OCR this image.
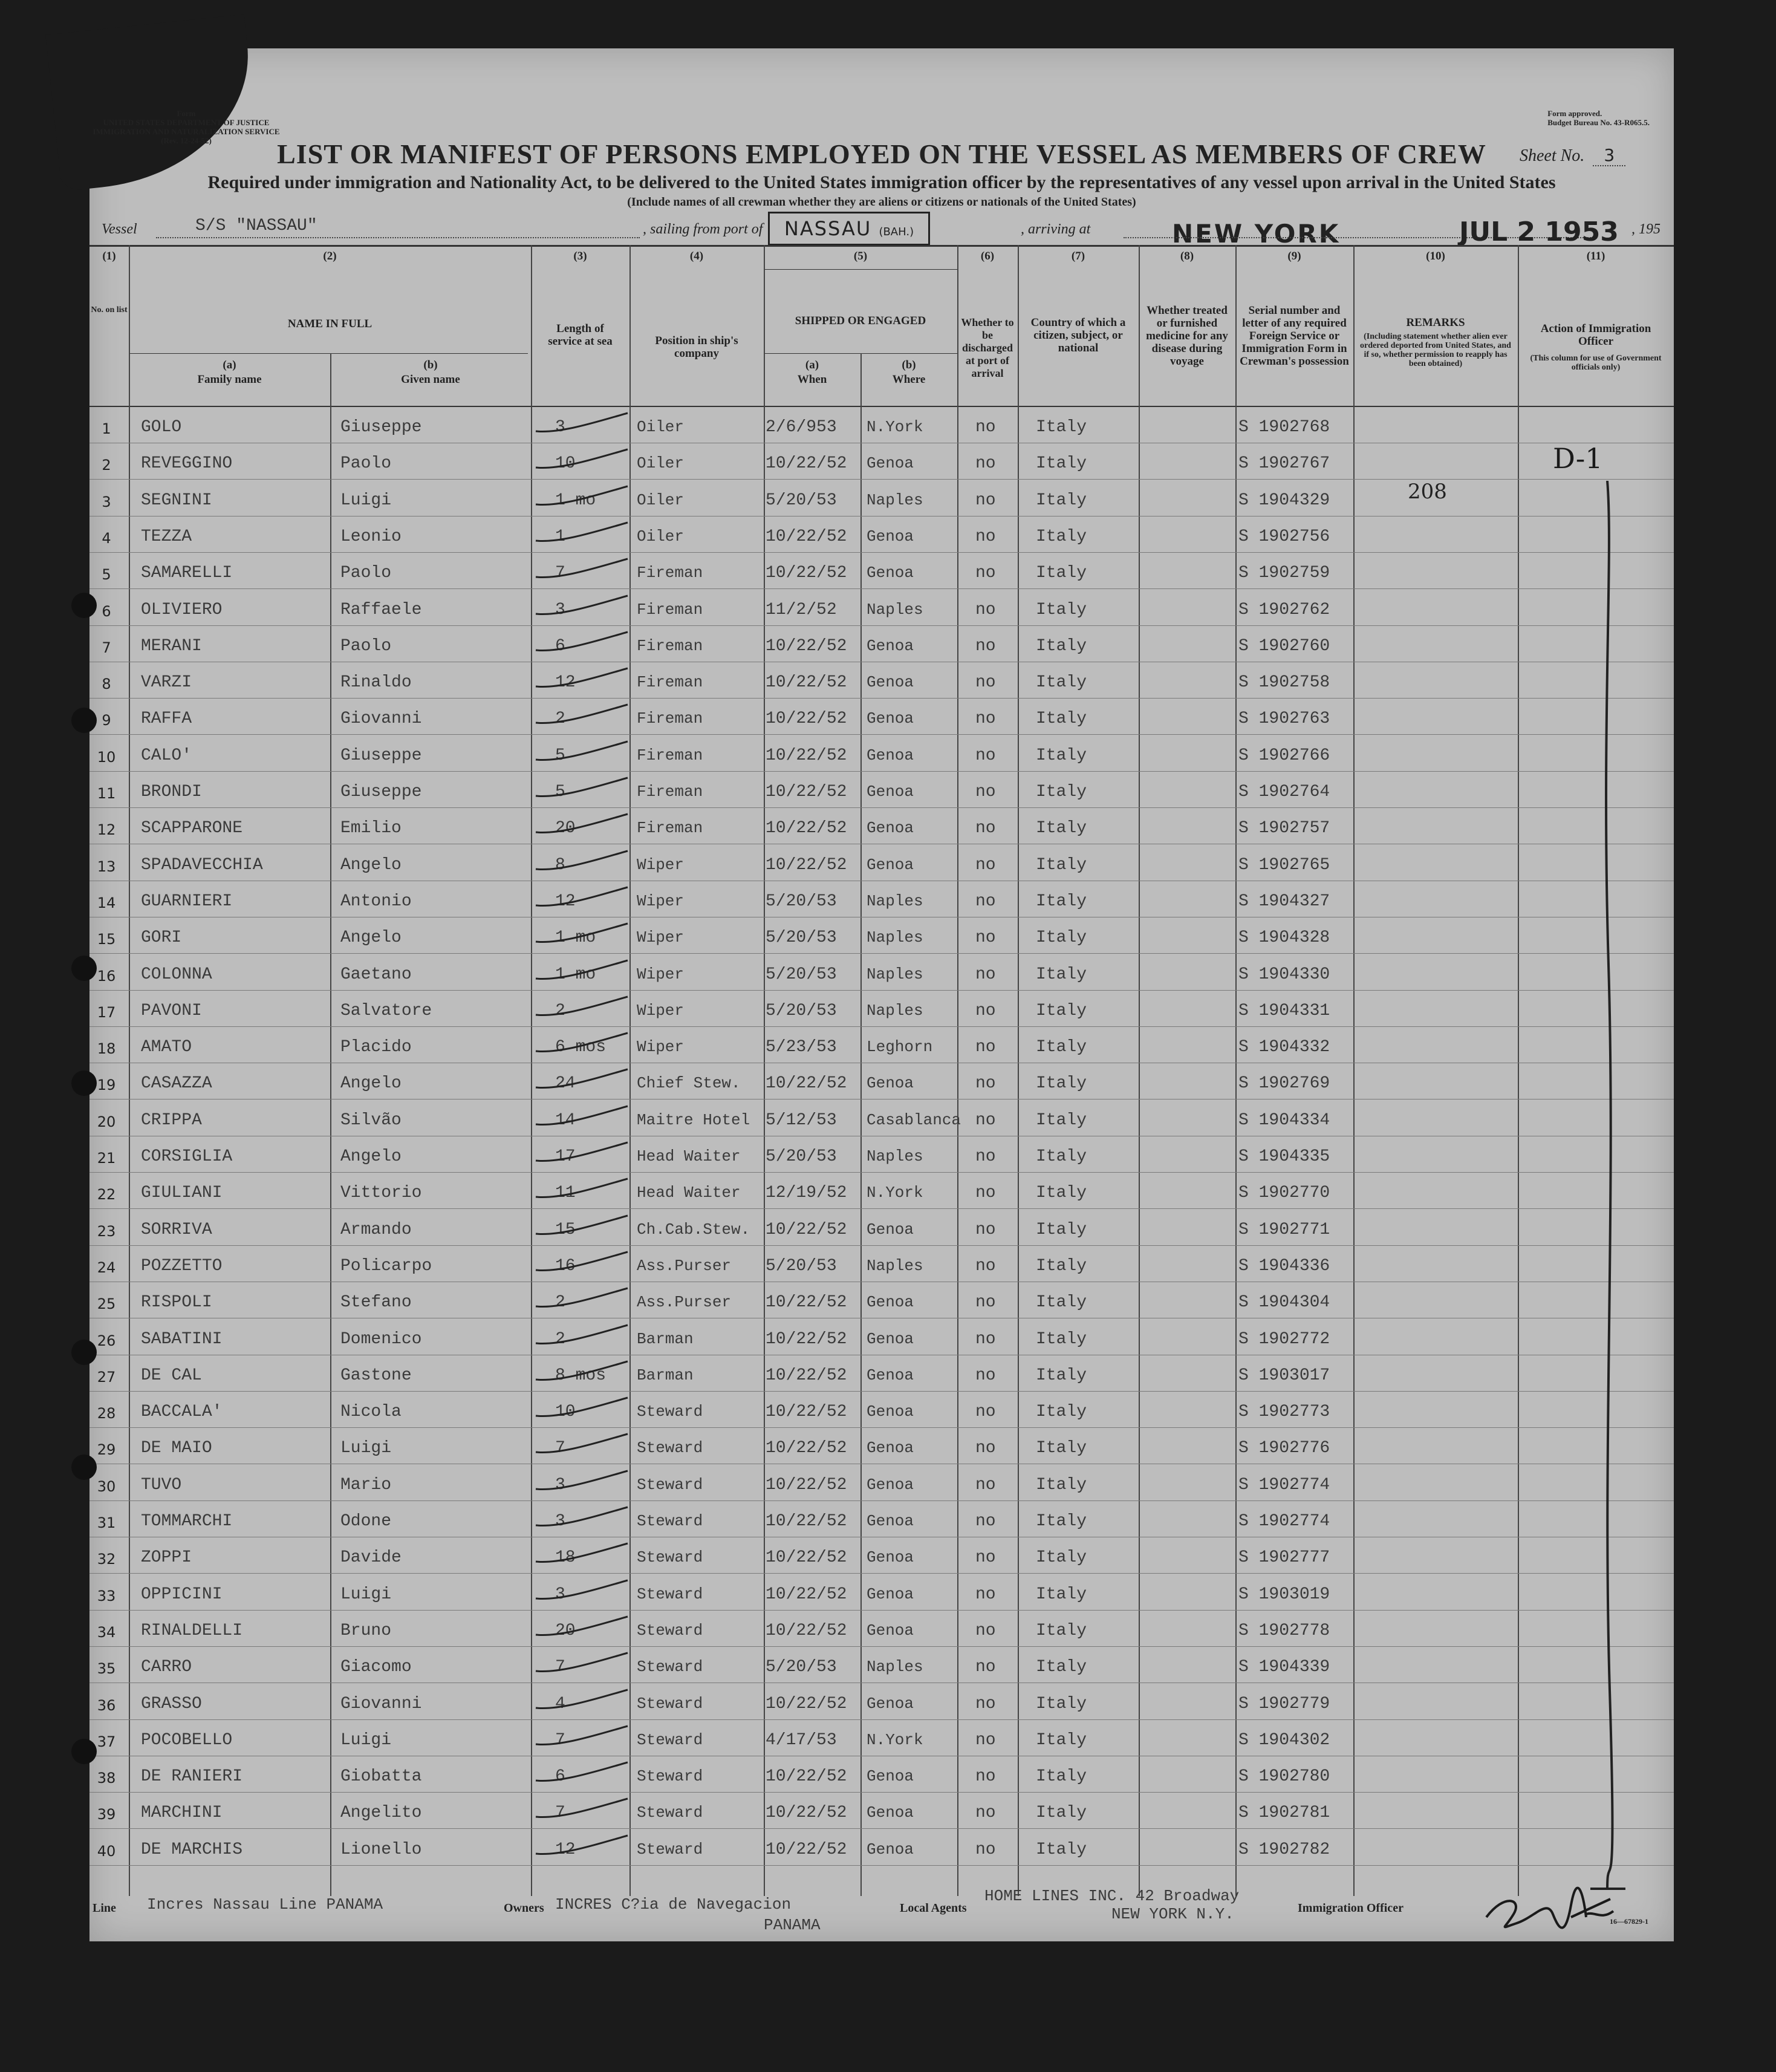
Form
UNITED STATES DEPARTMENT OF JUSTICE
IMMIGRATION AND NATURALIZATION SERVICE
(Rev. 12-24-52)
Form approved.
Budget Bureau No. 43-R065.5.
LIST OR MANIFEST OF PERSONS EMPLOYED ON THE VESSEL AS MEMBERS OF CREW	Sheet No. 3
Required under immigration and Nationality Act, to be delivered to the United States immigration officer by the representatives of any vessel upon arrival in the United States
(Include names of all crewman whether they are aliens or citizens or nationals of the United States)
Vessel	S/S "NASSAU"	, sailing from port of	NASSAU (BAH.)	, arriving at	NEW YORK	JUL 2 1953 , 195
(1)
No. on list
(2)
NAME IN FULL
(a)
Family name
(b)
Given name
(3)
Length of service at sea
(4)
Position in ship's company
(5)
SHIPPED OR ENGAGED
(a)
When
(b)
Where
(6)
Whether to be discharged at port of arrival
(7)
Country of which a citizen, subject, or national
(8)
Whether treated or furnished medicine for any disease during voyage
(9)
Serial number and letter of any required Foreign Service or Immigration Form in Crewman's possession
(10)
REMARKS
(Including statement whether alien ever ordered deported from United States, and if so, whether permission to reapply has been obtained)
(11)
Action of Immigration Officer
(This column for use of Government officials only)
1	GOLO	Giuseppe	3	Oiler	2/6/953 N.York	no Italy	S 1902768
2	REVEGGINO	Paolo	10	Oiler	10/22/52 Genoa	no Italy	S 1902767
3	SEGNINI	Luigi	1 mo	Oiler	5/20/53 Naples	no Italy	S 1904329
4	TEZZA	Leonio	1	Oiler	10/22/52 Genoa	no Italy	S 1902756
5	SAMARELLI	Paolo	7	Fireman	10/22/52 Genoa	no Italy	S 1902759
6	OLIVIERO	Raffaele	3	Fireman	11/2/52 Naples	no Italy	S 1902762
7	MERANI	Paolo	6	Fireman	10/22/52 Genoa	no Italy	S 1902760
8	VARZI	Rinaldo	12	Fireman	10/22/52 Genoa	no Italy	S 1902758
9	RAFFA	Giovanni	2	Fireman	10/22/52 Genoa	no Italy	S 1902763
10	CALO'	Giuseppe	5	Fireman	10/22/52 Genoa	no Italy	S 1902766
11	BRONDI	Giuseppe	5	Fireman	10/22/52 Genoa	no Italy	S 1902764
12	SCAPPARONE	Emilio	20	Fireman	10/22/52 Genoa	no Italy	S 1902757
13	SPADAVECCHIA	Angelo	8	Wiper	10/22/52 Genoa	no Italy	S 1902765
14	GUARNIERI	Antonio	12	Wiper	5/20/53 Naples	no Italy	S 1904327
15	GORI	Angelo	1 mo	Wiper	5/20/53 Naples	no Italy	S 1904328
16	COLONNA	Gaetano	1 mo	Wiper	5/20/53 Naples	no Italy	S 1904330
17	PAVONI	Salvatore	2	Wiper	5/20/53 Naples	no Italy	S 1904331
18	AMATO	Placido	6 mos Wiper	5/23/53 Leghorn	no Italy	S 1904332
19	CASAZZA	Angelo	24	Chief Stew. 10/22/52 Genoa	no Italy	S 1902769
20	CRIPPA	Silvão	14	Maitre Hotel 5/12/53 Casablanca no Italy	S 1904334
21	CORSIGLIA	Angelo	17	Head Waiter 5/20/53 Naples	no Italy	S 1904335
22	GIULIANI	Vittorio	11	Head Waiter 12/19/52 N.York	no Italy	S 1902770
23	SORRIVA	Armando	15	Ch.Cab.Stew. 10/22/52 Genoa	no Italy	S 1902771
24	POZZETTO	Policarpo	16	Ass.Purser 5/20/53 Naples	no Italy	S 1904336
25	RISPOLI	Stefano	2	Ass.Purser 10/22/52 Genoa	no Italy	S 1904304
26	SABATINI	Domenico	2	Barman	10/22/52 Genoa	no Italy	S 1902772
27	DE CAL	Gastone	8 mos Barman	10/22/52 Genoa	no Italy	S 1903017
28	BACCALA'	Nicola	10	Steward	10/22/52 Genoa	no Italy	S 1902773
29	DE MAIO	Luigi	7	Steward	10/22/52 Genoa	no Italy	S 1902776
30	TUVO	Mario	3	Steward	10/22/52 Genoa	no Italy	S 1902774
31	TOMMARCHI	Odone	3	Steward	10/22/52 Genoa	no Italy	S 1902774
32	ZOPPI	Davide	18	Steward	10/22/52 Genoa	no Italy	S 1902777
33	OPPICINI	Luigi	3	Steward	10/22/52 Genoa	no Italy	S 1903019
34	RINALDELLI	Bruno	20	Steward	10/22/52 Genoa	no Italy	S 1902778
35	CARRO	Giacomo	7	Steward	5/20/53 Naples	no Italy	S 1904339
36	GRASSO	Giovanni	4	Steward	10/22/52 Genoa	no Italy	S 1902779
37	POCOBELLO	Luigi	7	Steward	4/17/53 N.York	no Italy	S 1904302
38	DE RANIERI	Giobatta	6	Steward	10/22/52 Genoa	no Italy	S 1902780
39	MARCHINI	Angelito	7	Steward	10/22/52 Genoa	no Italy	S 1902781
40	DE MARCHIS	Lionello	12	Steward	10/22/52 Genoa	no Italy	S 1902782
208
D-1
Line Incres Nassau Line PANAMA	Owners INCRES C?ia de Navegacion
PANAMA
Local Agents
HOME LINES INC. 42 Broadway
NEW YORK N.Y.	Immigration Officer
16—67829-1
